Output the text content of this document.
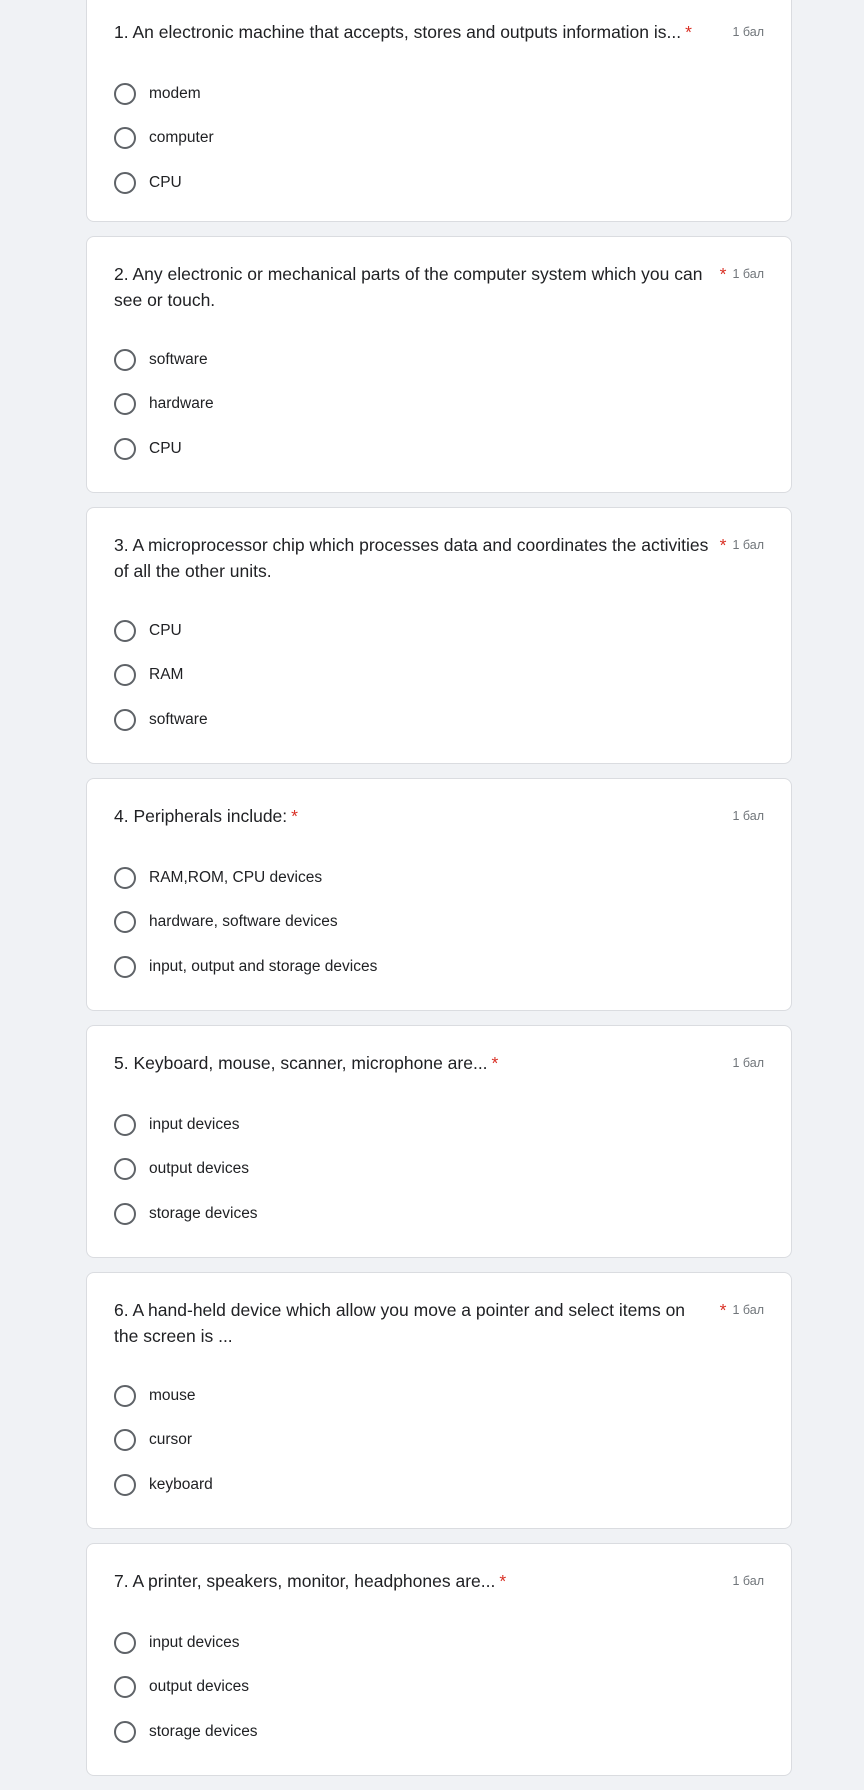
1. An electronic machine that accepts, stores and outputs information is... *	1 бал
modem
computer
CPU
2. Any electronic or mechanical parts of the computer system which you can see or touch.
* 1 бал
software
hardware
CPU
3. A microprocessor chip which processes data and coordinates the activities of all the other units.
* 1 бал
CPU
RAM
software
4. Peripherals include: *	1 бал
RAM,ROM, CPU devices
hardware, software devices
input, output and storage devices
5. Keyboard, mouse, scanner, microphone are... *	1 бал
input devices
output devices
storage devices
6. A hand-held device which allow you move a pointer and select items on the screen is ...
* 1 бал
mouse
cursor
keyboard
7. A printer, speakers, monitor, headphones are... *	1 бал
input devices
output devices
storage devices
